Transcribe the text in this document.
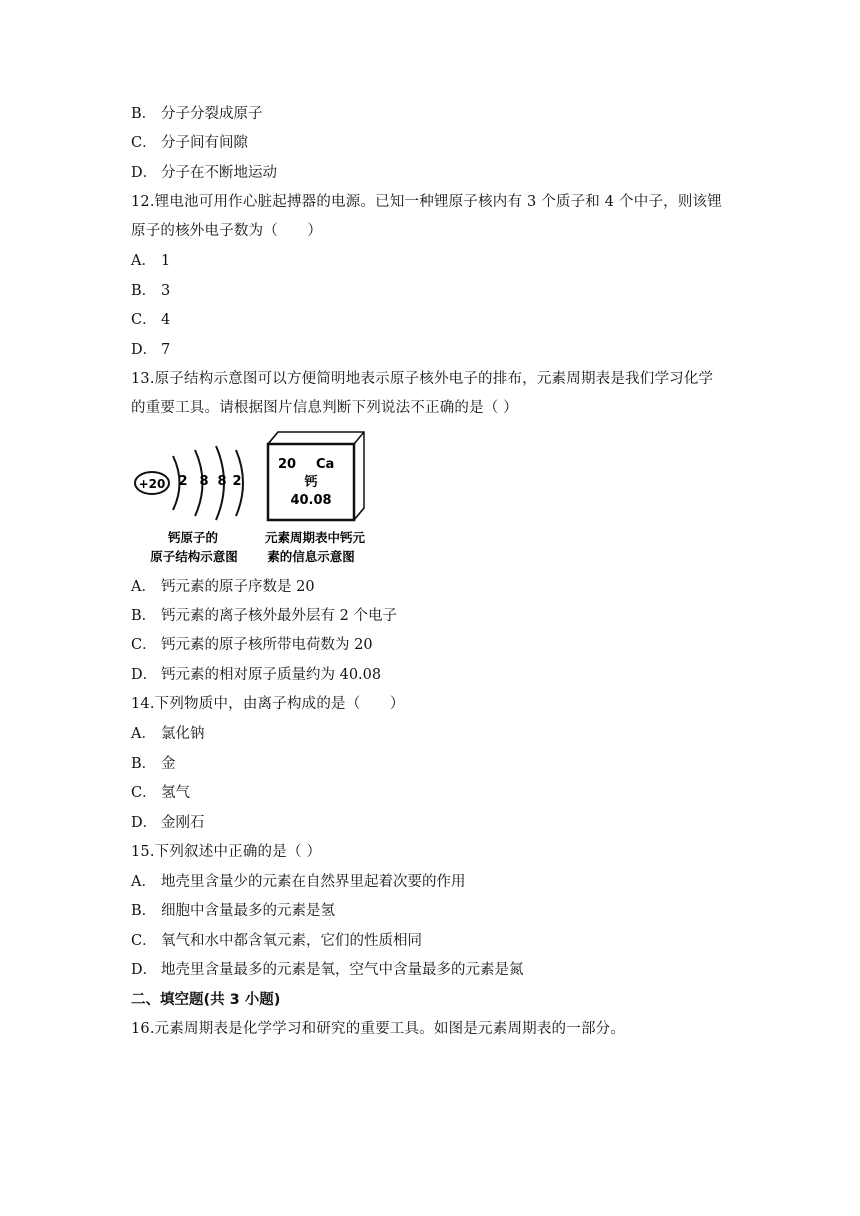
B． 分子分裂成原子
C． 分子间有间隙
D． 分子在不断地运动
12.锂电池可用作心脏起搏器的电源。已知一种锂原子核内有 3 个质子和 4 个中子，则该锂
原子的核外电子数为（　　）
A． 1
B． 3
C． 4
D． 7
13.原子结构示意图可以方便简明地表示原子核外电子的排布，元素周期表是我们学习化学
的重要工具。请根据图片信息判断下列说法不正确的是（ ）
+20 2 8 8 2
钙原子的
原子结构示意图
20 Ca
钙
40.08
元素周期表中钙元
素的信息示意图
A． 钙元素的原子序数是 20
B． 钙元素的离子核外最外层有 2 个电子
C． 钙元素的原子核所带电荷数为 20
D． 钙元素的相对原子质量约为 40.08
14.下列物质中，由离子构成的是（　　）
A． 氯化钠
B． 金
C． 氢气
D． 金刚石
15.下列叙述中正确的是（ ）
A． 地壳里含量少的元素在自然界里起着次要的作用
B． 细胞中含量最多的元素是氢
C． 氧气和水中都含氧元素，它们的性质相同
D． 地壳里含量最多的元素是氧，空气中含量最多的元素是氮
二、填空题(共 3 小题)
16.元素周期表是化学学习和研究的重要工具。如图是元素周期表的一部分。
